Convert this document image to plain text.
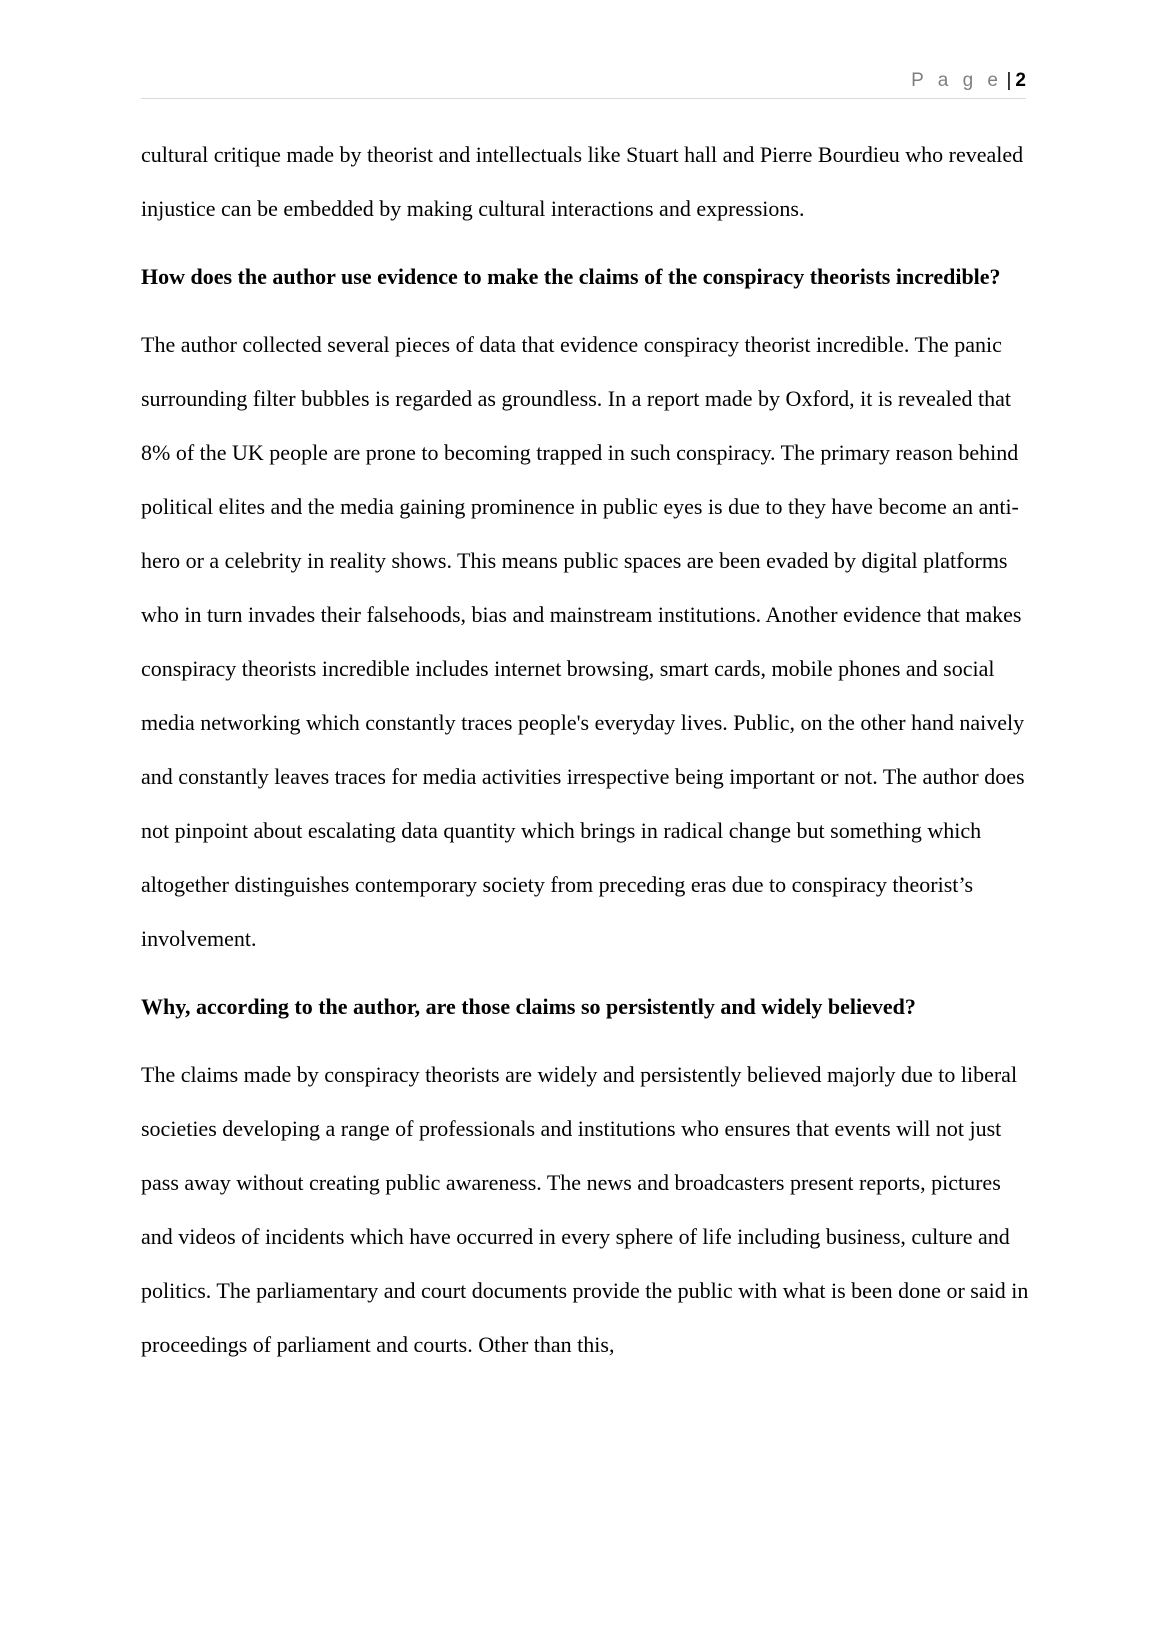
P a g e | 2

cultural critique made by theorist and intellectuals like Stuart hall and Pierre Bourdieu who revealed injustice can be embedded by making cultural interactions and expressions.

How does the author use evidence to make the claims of the conspiracy theorists incredible?

The author collected several pieces of data that evidence conspiracy theorist incredible. The panic surrounding filter bubbles is regarded as groundless. In a report made by Oxford, it is revealed that 8% of the UK people are prone to becoming trapped in such conspiracy. The primary reason behind political elites and the media gaining prominence in public eyes is due to they have become an anti-hero or a celebrity in reality shows. This means public spaces are been evaded by digital platforms who in turn invades their falsehoods, bias and mainstream institutions. Another evidence that makes conspiracy theorists incredible includes internet browsing, smart cards, mobile phones and social media networking which constantly traces people's everyday lives. Public, on the other hand naively and constantly leaves traces for media activities irrespective being important or not. The author does not pinpoint about escalating data quantity which brings in radical change but something which altogether distinguishes contemporary society from preceding eras due to conspiracy theorist’s involvement.

Why, according to the author, are those claims so persistently and widely believed?

The claims made by conspiracy theorists are widely and persistently believed majorly due to liberal societies developing a range of professionals and institutions who ensures that events will not just pass away without creating public awareness. The news and broadcasters present reports, pictures and videos of incidents which have occurred in every sphere of life including business, culture and politics. The parliamentary and court documents provide the public with what is been done or said in proceedings of parliament and courts. Other than this,
